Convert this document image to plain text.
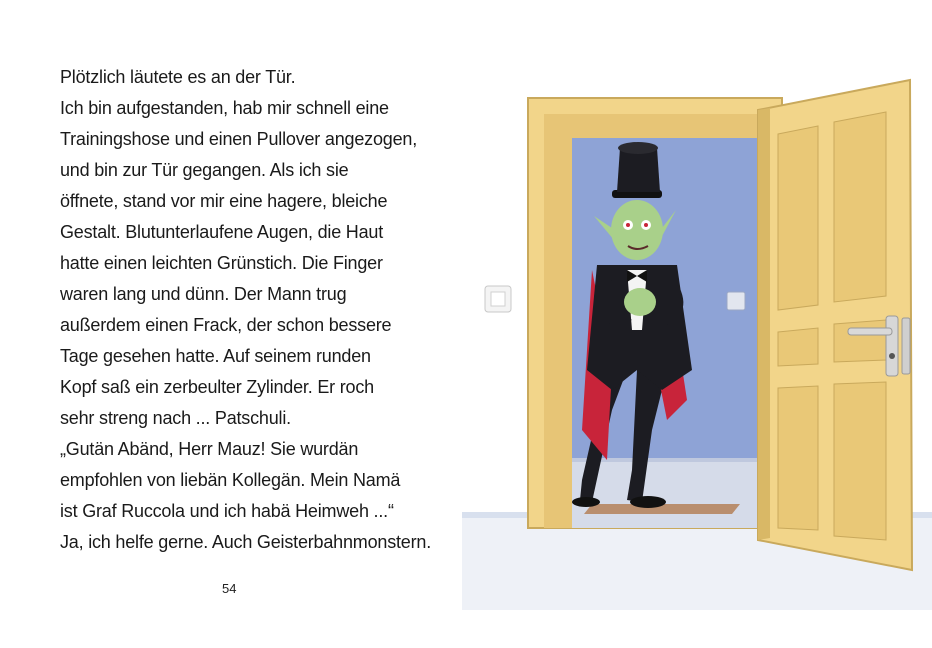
Plötzlich läutete es an der Tür.
Ich bin aufgestanden, hab mir schnell eine
Trainingshose und einen Pullover angezogen,
und bin zur Tür gegangen. Als ich sie
öffnete, stand vor mir eine hagere, bleiche
Gestalt. Blutunterlaufene Augen, die Haut
hatte einen leichten Grünstich. Die Finger
waren lang und dünn. Der Mann trug
außerdem einen Frack, der schon bessere
Tage gesehen hatte. Auf seinem runden
Kopf saß ein zerbeulter Zylinder. Er roch
sehr streng nach ... Patschuli.
„Gutän Abänd, Herr Mauz! Sie wurdän
empfohlen von liebän Kollegän. Mein Namä
ist Graf Ruccola und ich habä Heimweh ...“
Ja, ich helfe gerne. Auch Geisterbahnmonstern.
54
